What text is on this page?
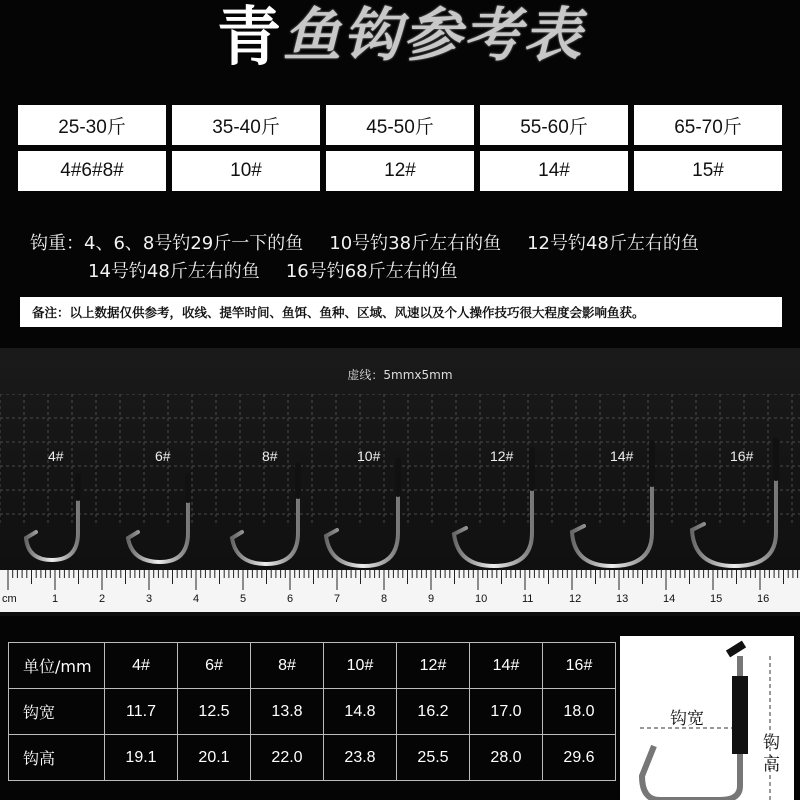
青 鱼钩参考表
25-30斤	35-40斤	45-50斤	55-60斤	65-70斤
4#6#8#	10#	12#	14#	15#
钩重：4、6、8号钓29斤一下的鱼 10号钓38斤左右的鱼 12号钓48斤左右的鱼
14号钓48斤左右的鱼 16号钓68斤左右的鱼
备注：以上数据仅供参考，收线、提竿时间、鱼饵、鱼种、区域、风速以及个人操作技巧很大程度会影响鱼获。
虚线：5mmx5mm
4#	6#	8#	10#	12#	14#	16#
cm	1	2	3	4	5	6	7	8	9	10	11	12	13	14	15	16
单位/mm	4#	6#	8#	10#	12#	14#	16#
钩宽	11.7	12.5	13.8	14.8	16.2	17.0	18.0
钩高	19.1	20.1	22.0	23.8	25.5	28.0	29.6
钩宽
钩
高
